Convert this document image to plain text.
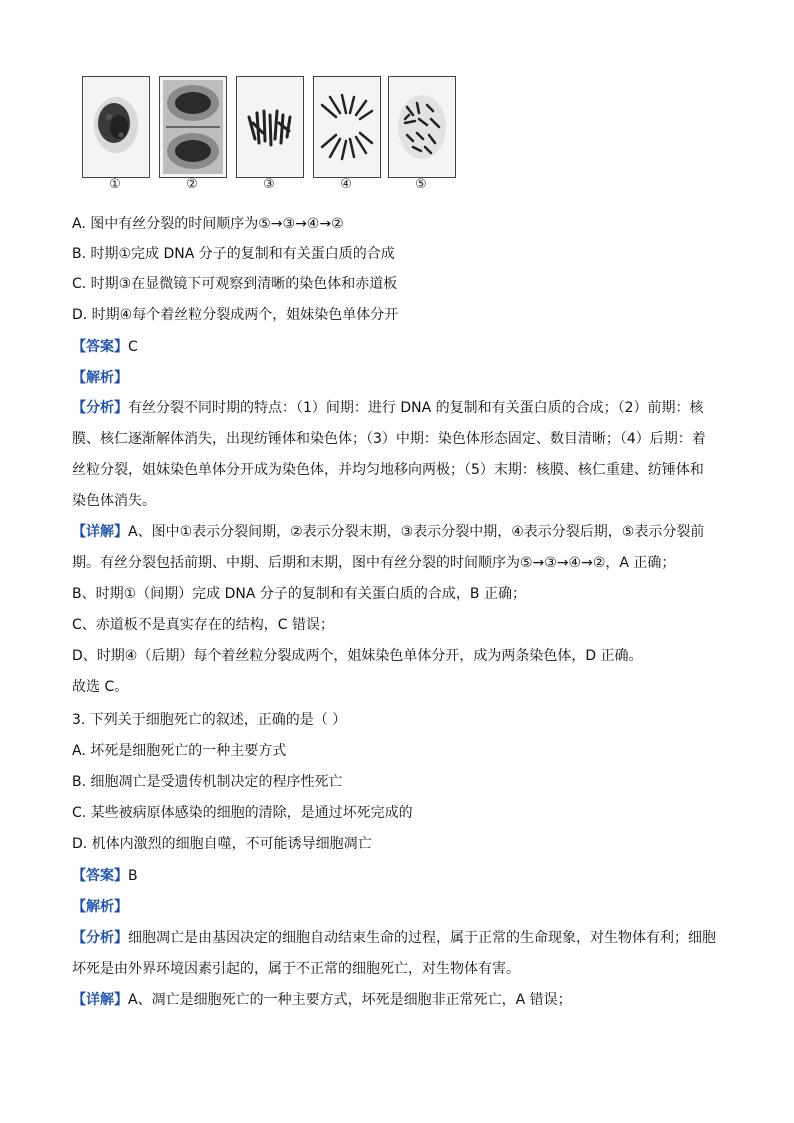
①	②	③	④	⑤
A. 图中有丝分裂的时间顺序为⑤→③→④→②
B. 时期①完成 DNA 分子的复制和有关蛋白质的合成
C. 时期③在显微镜下可观察到清晰的染色体和赤道板
D. 时期④每个着丝粒分裂成两个，姐妹染色单体分开
【答案】C
【解析】
【分析】有丝分裂不同时期的特点：（1）间期：进行 DNA 的复制和有关蛋白质的合成；（2）前期：核
膜、核仁逐渐解体消失，出现纺锤体和染色体；（3）中期：染色体形态固定、数目清晰；（4）后期：着
丝粒分裂，姐妹染色单体分开成为染色体，并均匀地移向两极；（5）末期：核膜、核仁重建、纺锤体和
染色体消失。
【详解】A、图中①表示分裂间期，②表示分裂末期，③表示分裂中期，④表示分裂后期，⑤表示分裂前
期。有丝分裂包括前期、中期、后期和末期，图中有丝分裂的时间顺序为⑤→③→④→②，A 正确；
B、时期①（间期）完成 DNA 分子的复制和有关蛋白质的合成，B 正确；
C、赤道板不是真实存在的结构，C 错误；
D、时期④（后期）每个着丝粒分裂成两个，姐妹染色单体分开，成为两条染色体，D 正确。
故选 C。
3. 下列关于细胞死亡的叙述，正确的是（ ）
A. 坏死是细胞死亡的一种主要方式
B. 细胞凋亡是受遗传机制决定的程序性死亡
C. 某些被病原体感染的细胞的清除，是通过坏死完成的
D. 机体内激烈的细胞自噬，不可能诱导细胞凋亡
【答案】B
【解析】
【分析】细胞凋亡是由基因决定的细胞自动结束生命的过程，属于正常的生命现象，对生物体有利；细胞
坏死是由外界环境因素引起的，属于不正常的细胞死亡，对生物体有害。
【详解】A、凋亡是细胞死亡的一种主要方式，坏死是细胞非正常死亡，A 错误；
